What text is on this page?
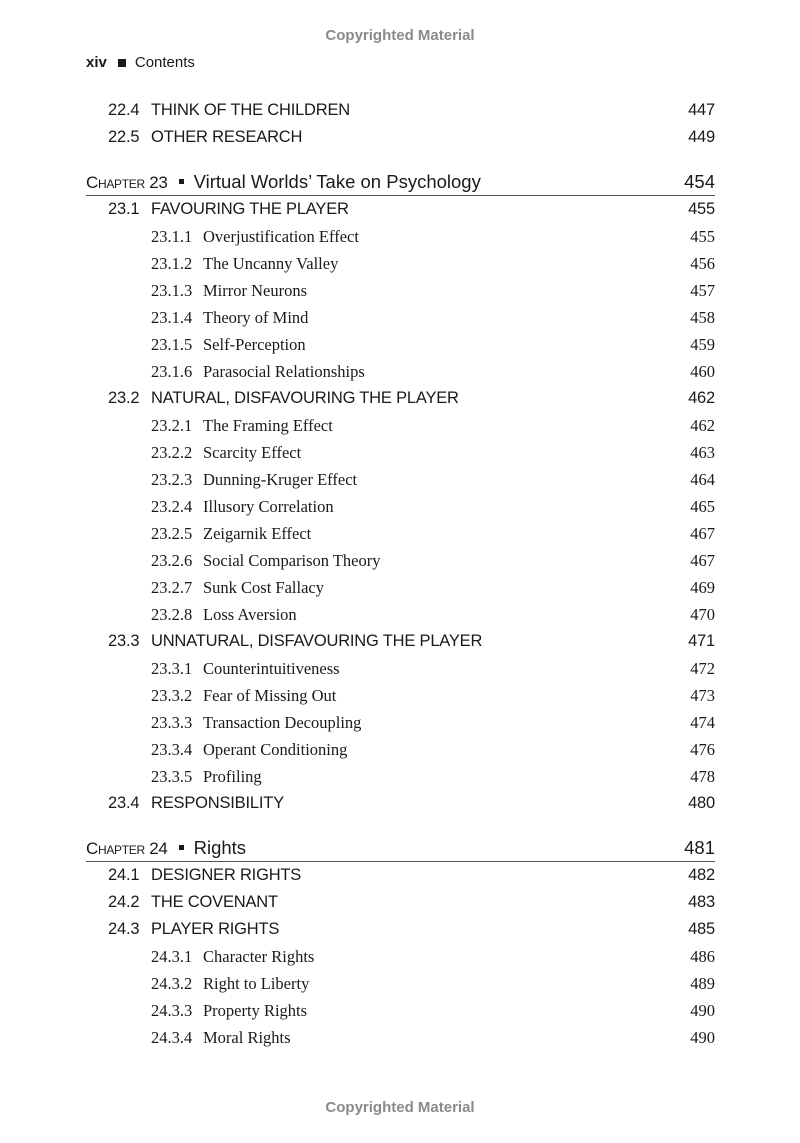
Copyrighted Material
xiv Contents
22.4 THINK OF THE CHILDREN	447
22.5 OTHER RESEARCH	449
Chapter 23 Virtual Worlds’ Take on Psychology	454
23.1 FAVOURING THE PLAYER	455
23.1.1 Overjustification Effect	455
23.1.2 The Uncanny Valley	456
23.1.3 Mirror Neurons	457
23.1.4 Theory of Mind	458
23.1.5 Self-Perception	459
23.1.6 Parasocial Relationships	460
23.2 NATURAL, DISFAVOURING THE PLAYER	462
23.2.1 The Framing Effect	462
23.2.2 Scarcity Effect	463
23.2.3 Dunning-Kruger Effect	464
23.2.4 Illusory Correlation	465
23.2.5 Zeigarnik Effect	467
23.2.6 Social Comparison Theory	467
23.2.7 Sunk Cost Fallacy	469
23.2.8 Loss Aversion	470
23.3 UNNATURAL, DISFAVOURING THE PLAYER	471
23.3.1 Counterintuitiveness	472
23.3.2 Fear of Missing Out	473
23.3.3 Transaction Decoupling	474
23.3.4 Operant Conditioning	476
23.3.5 Profiling	478
23.4 RESPONSIBILITY	480
Chapter 24 Rights	481
24.1 DESIGNER RIGHTS	482
24.2 THE COVENANT	483
24.3 PLAYER RIGHTS	485
24.3.1 Character Rights	486
24.3.2 Right to Liberty	489
24.3.3 Property Rights	490
24.3.4 Moral Rights	490
Copyrighted Material
